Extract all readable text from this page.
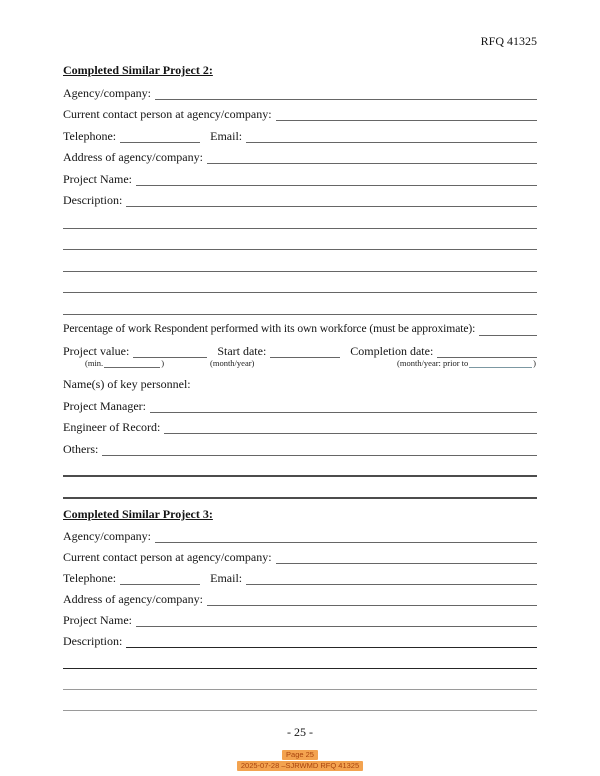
RFQ 41325
Completed Similar Project 2:
Agency/company:
Current contact person at agency/company:
Telephone:	Email:
Address of agency/company:
Project Name:
Description:
Percentage of work Respondent performed with its own workforce (must be approximate):
Project value:	Start date:	Completion date:
(min.	)	(month/year)	(month/year: prior to	)
Name(s) of key personnel:
Project Manager:
Engineer of Record:
Others:
Completed Similar Project 3:
Agency/company:
Current contact person at agency/company:
Telephone:	Email:
Address of agency/company:
Project Name:
Description:
- 25 -
Page 25
2025-07-28 –SJRWMD RFQ 41325
